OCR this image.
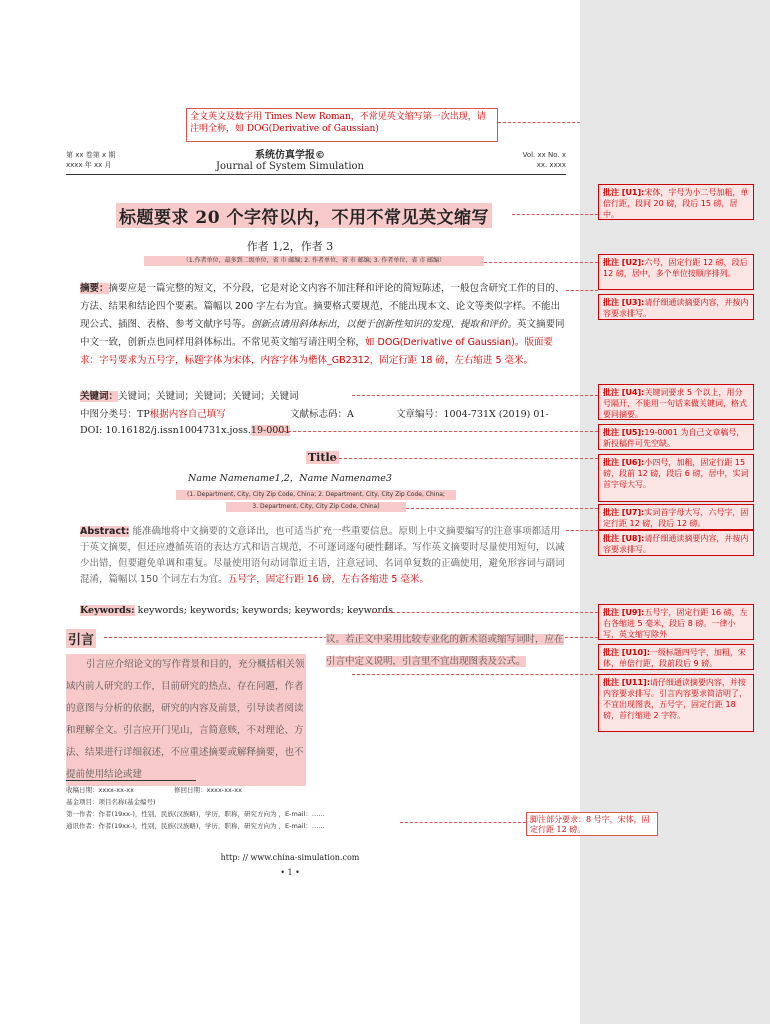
全文英文及数字用 Times New Roman，不常见英文缩写第一次出现，请注明全称，如 DOG(Derivative of Gaussian)
第 xx 卷第 x 期
xxxx 年 xx 月
系统仿真学报©
Journal of System Simulation
Vol. xx No. x
xx. xxxx
标题要求 20 个字符以内，不用不常见英文缩写
作者 1,2，作者 3
（1.作者单位，最多到二级单位，省 市 邮编; 2. 作者单位，省 市 邮编; 3. 作者单位，省 市 邮编）
摘要：摘要应是一篇完整的短文，不分段，它是对论文内容不加注释和评论的简短陈述，一般包含研究工作的目的、方法、结果和结论四个要素。篇幅以 200 字左右为宜。摘要格式要规范，不能出现本文、论文等类似字样。不能出现公式、插图、表格、参考文献序号等。创新点请用斜体标出，以便于创新性知识的发现、提取和评价。英文摘要同中文一致，创新点也同样用斜体标出。不常见英文缩写请注明全称，如 DOG(Derivative of Gaussian)。版面要求：字号要求为五号字，标题字体为宋体，内容字体为楷体_GB2312，固定行距 18 磅，左右缩进 5 毫米。
关键词：关键词；关键词；关键词；关键词；关键词
中图分类号：TP根据内容自己填写	文献标志码：A	文章编号：1004-731X (2019) 01-
DOI: 10.16182/j.issn1004731x.joss.19-0001
Title
Name Namename1,2，Name Namename3
(1. Department, City, City Zip Code, China; 2. Department, City, City Zip Code, China;
3. Department, City, City Zip Code, China)
Abstract: 能准确地将中文摘要的文意译出，也可适当扩充一些重要信息。原则上中文摘要编写的注意事项都适用于英文摘要，但还应遵循英语的表达方式和语言规范，不可逐词逐句硬性翻译。写作英文摘要时尽量使用短句，以减少出错，但要避免单调和重复。尽量使用语句动词靠近主语，注意冠词、名词单复数的正确使用，避免形容词与副词混淆，篇幅以 150 个词左右为宜。五号字，固定行距 16 磅，左右各缩进 5 毫米。
Keywords: keywords; keywords; keywords; keywords; keywords
引言
引言应介绍论文的写作背景和目的，充分概括相关领域内前人研究的工作，目前研究的热点、存在问题，作者的意图与分析的依据，研究的内容及前景，引导读者阅读和理解全文。引言应开门见山，言简意赅，不对理论、方法、结果进行详细叙述，不应重述摘要或解释摘要，也不提前使用结论或建
议。若正文中采用比较专业化的新术语或缩写词时，应在引言中定义说明，引言里不宜出现图表及公式。
收稿日期：xxxx-xx-xx	修回日期：xxxx-xx-xx
基金项目：项目名称(基金编号)
第一作者：作者(19xx-)，性别，民族(汉族略)，学历，职称，研究方向为 ，E-mail：……
通讯作者：作者(19xx-)，性别，民族(汉族略)，学历，职称，研究方向为 ，E-mail：……
脚注部分要求：8 号字，宋体，固定行距 12 磅。
http: // www.china-simulation.com
• 1 •
批注 [U1]:宋体，字号为小二号加粗，单倍行距，段间 20 磅，段后 15 磅，居中。
批注 [U2]:六号，固定行距 12 磅，段后 12 磅，居中，多个单位按顺序排列。
批注 [U3]:请仔细通读摘要内容，并按内容要求排写。
批注 [U4]:关键词要求 5 个以上，用分号隔开，不能用一句话来做关键词，格式要同摘要。
批注 [U5]:19-0001 为自己文章稿号，新投稿件可先空缺。
批注 [U6]:小四号，加粗，固定行距 15 磅，段前 12 磅，段后 6 磅，居中，实词首字母大写。
批注 [U7]:实词首字母大写，六号字，固定行距 12 磅，段后 12 磅。
批注 [U8]:请仔细通读摘要内容，并按内容要求排写。
批注 [U9]:五号字，固定行距 16 磅，左右各缩进 5 毫米，段后 8 磅。一律小写，英文缩写除外
批注 [U10]:一级标题四号字，加粗，宋体，单倍行距，段前段后 9 磅。
批注 [U11]:请仔细通读摘要内容，并按内容要求排写。引言内容要求简洁明了，不宜出现图表，五号字，固定行距 18 磅，首行缩进 2 字符。
